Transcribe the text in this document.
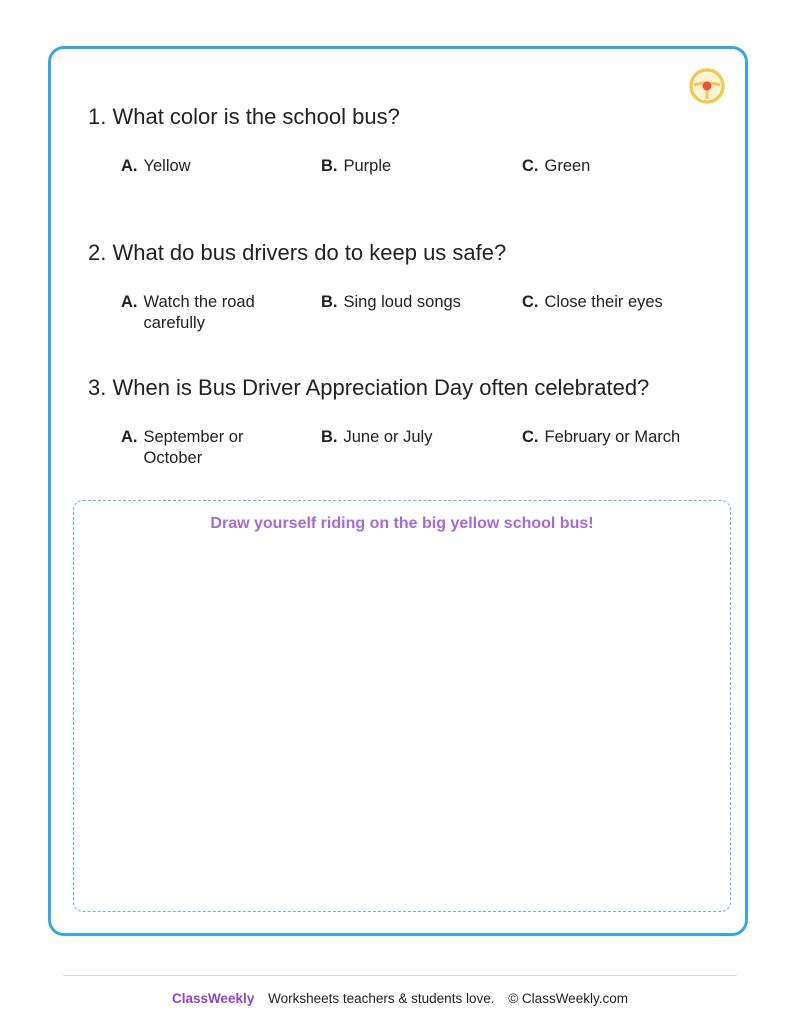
1. What color is the school bus?

A. Yellow	B. Purple	C. Green

2. What do bus drivers do to keep us safe?

A. Watch the road carefully
B. Sing loud songs	C. Close their eyes

3. When is Bus Driver Appreciation Day often celebrated?

A. September or October
B. June or July	C. February or March
Draw yourself riding on the big yellow school bus!
ClassWeekly Worksheets teachers & students love. © ClassWeekly.com
